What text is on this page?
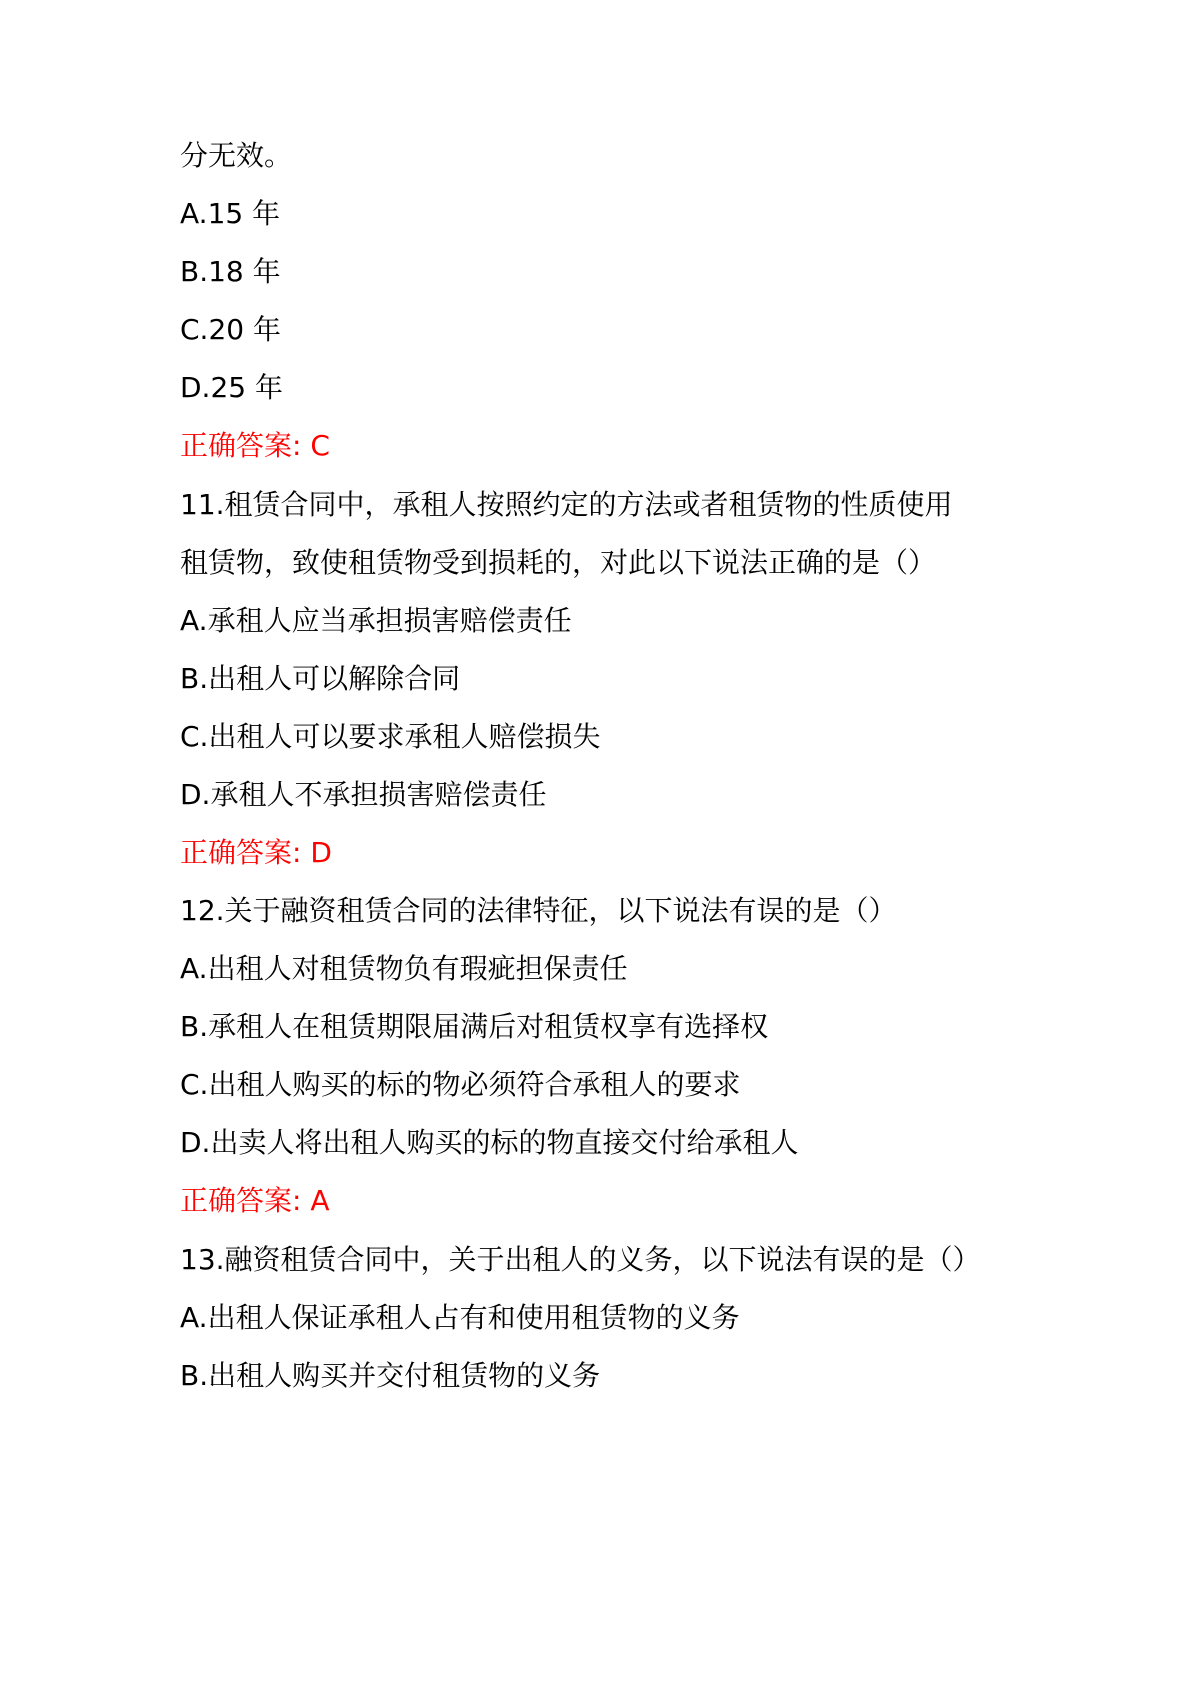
分无效。
A.15 年
B.18 年
C.20 年
D.25 年
正确答案: C
11.租赁合同中，承租人按照约定的方法或者租赁物的性质使用
租赁物，致使租赁物受到损耗的，对此以下说法正确的是（）
A.承租人应当承担损害赔偿责任
B.出租人可以解除合同
C.出租人可以要求承租人赔偿损失
D.承租人不承担损害赔偿责任
正确答案: D
12.关于融资租赁合同的法律特征，以下说法有误的是（）
A.出租人对租赁物负有瑕疵担保责任
B.承租人在租赁期限届满后对租赁权享有选择权
C.出租人购买的标的物必须符合承租人的要求
D.出卖人将出租人购买的标的物直接交付给承租人
正确答案: A
13.融资租赁合同中，关于出租人的义务，以下说法有误的是（）
A.出租人保证承租人占有和使用租赁物的义务
B.出租人购买并交付租赁物的义务
